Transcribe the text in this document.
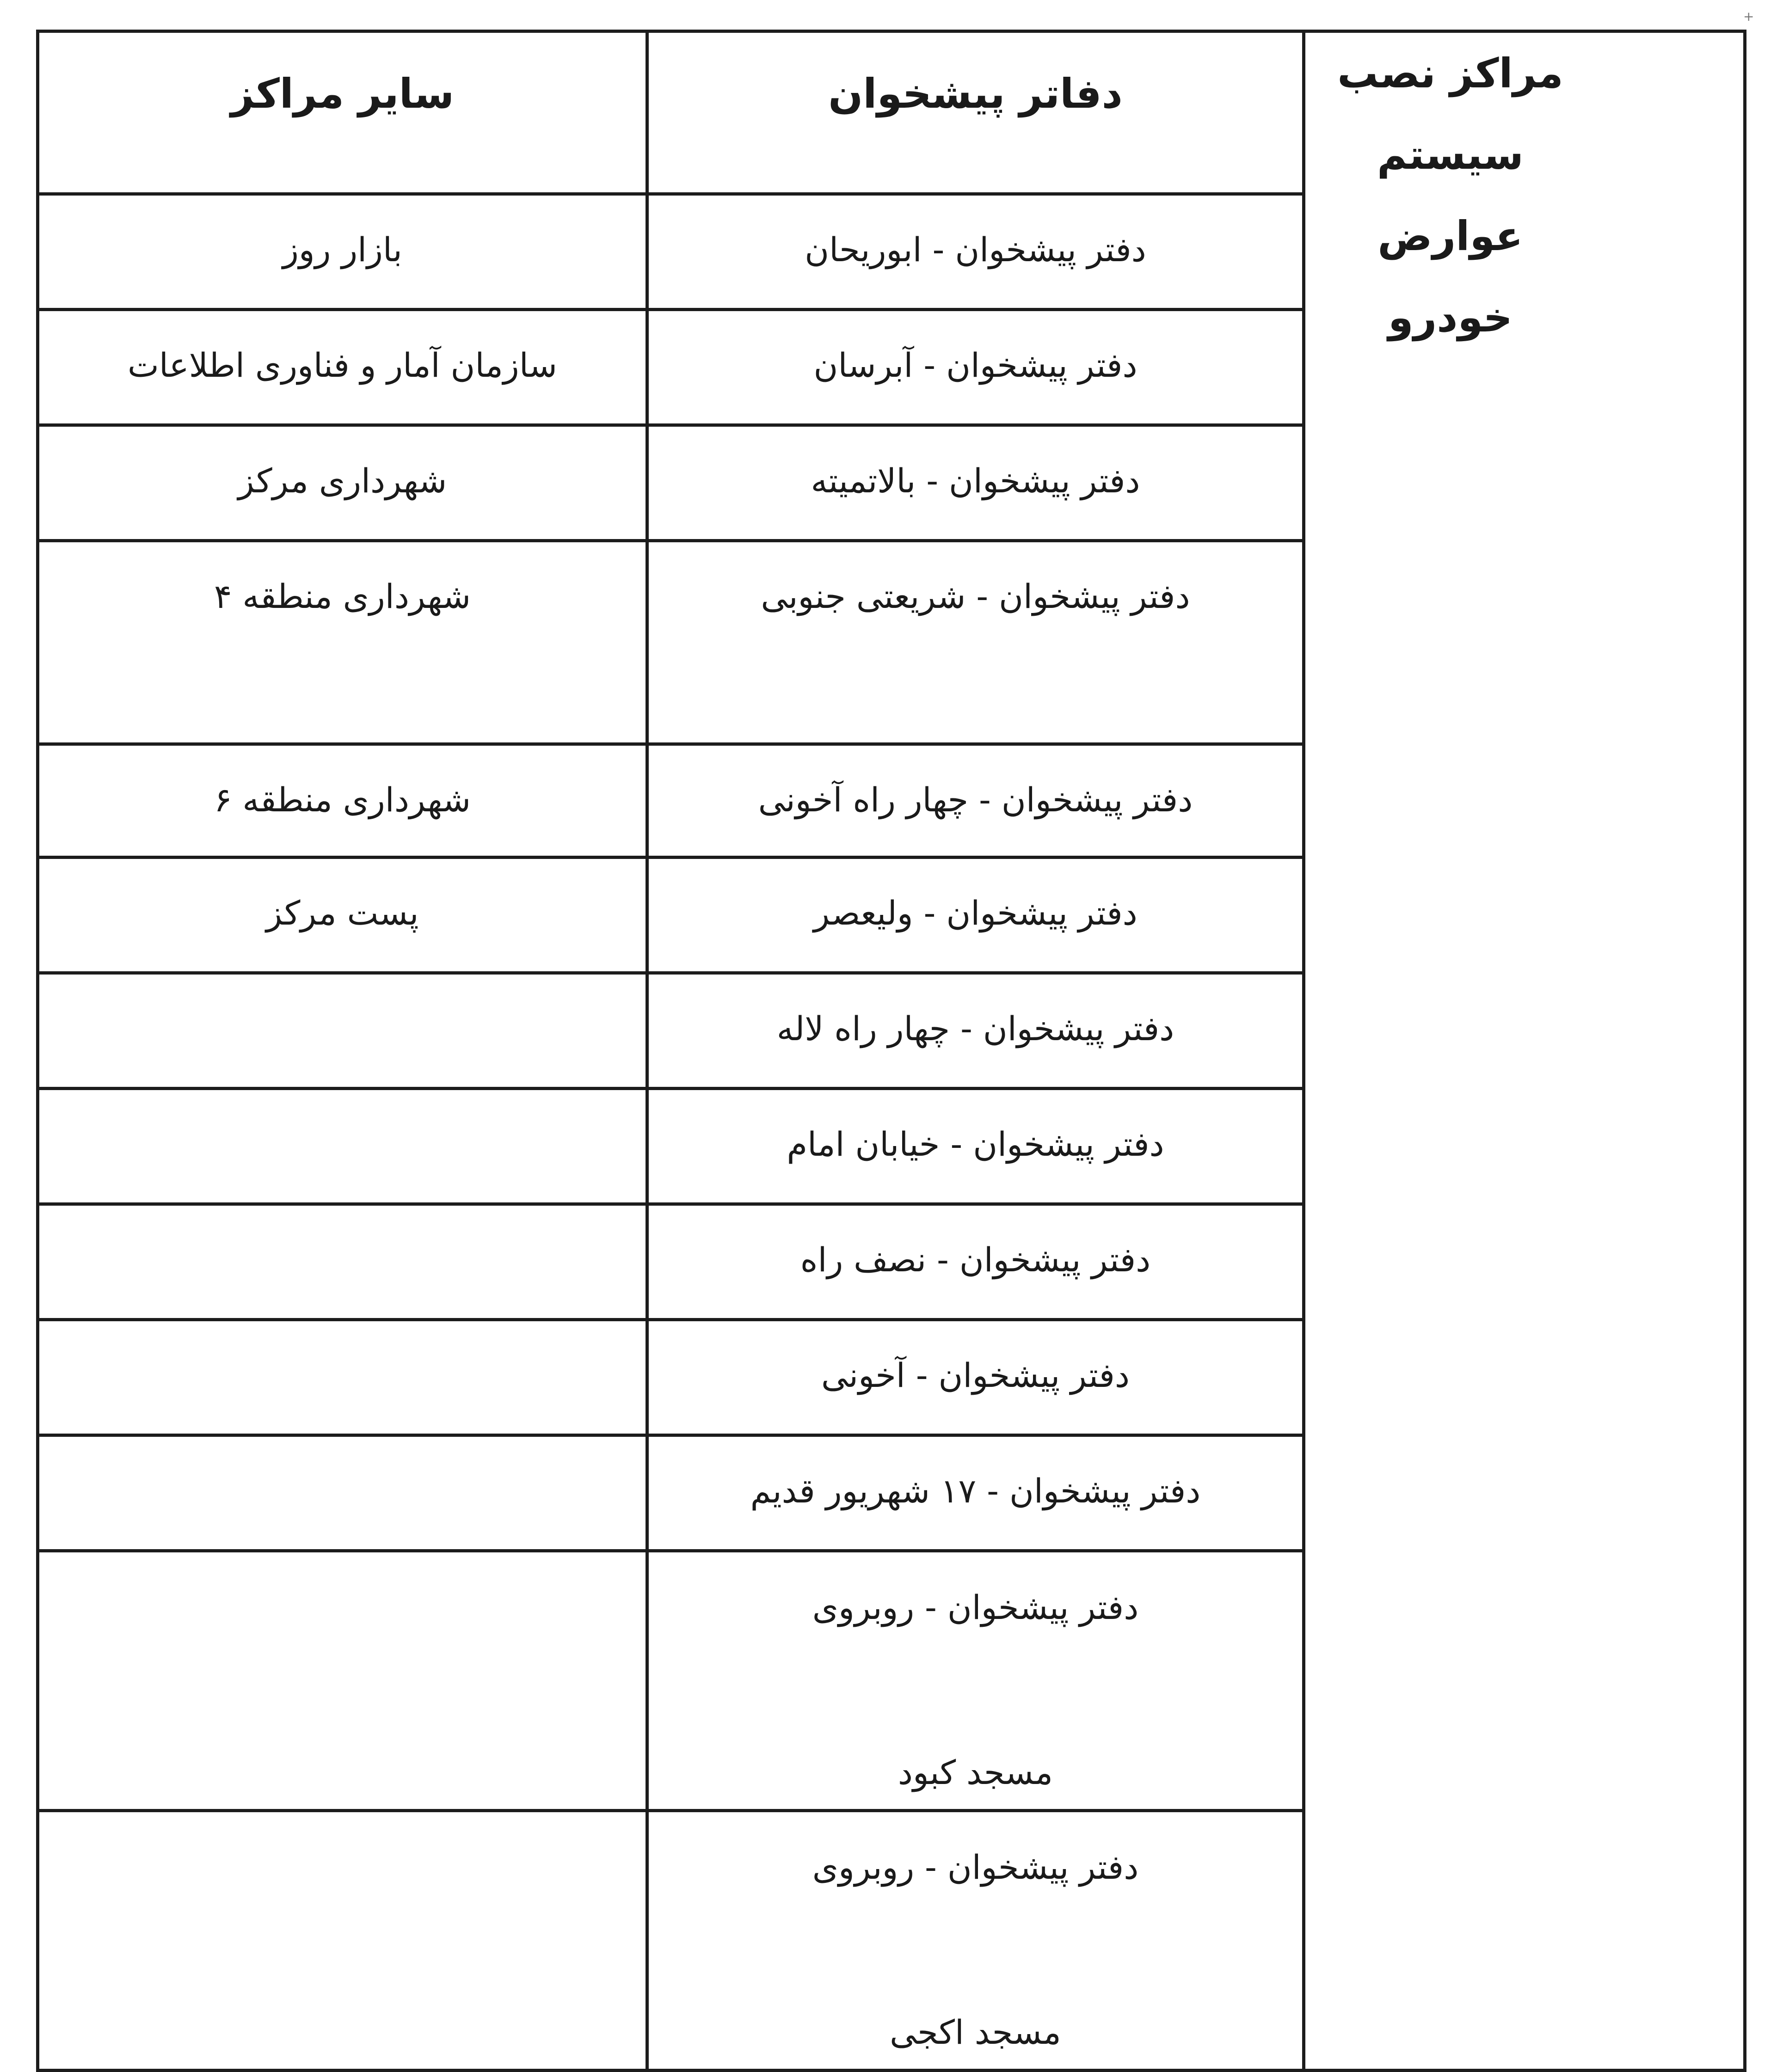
+
سایر مراکز	دفاتر پیشخوان	مراکز نصب
سیستم عوارض
خودرو

بازار روز	دفتر پیشخوان - ابوریحان	

سازمان آمار و فناوری اطلاعات	دفتر پیشخوان - آبرسان	

شهرداری مرکز	دفتر پیشخوان - بالاتمیته	

شهرداری منطقه ۴	دفتر پیشخوان - شریعتی جنوبی	

شهرداری منطقه ۶	دفتر پیشخوان - چهار راه آخونی	

پست مرکز	دفتر پیشخوان - ولیعصر	

	دفتر پیشخوان - چهار راه لاله	

	دفتر پیشخوان - خیابان امام	

	دفتر پیشخوان - نصف راه	

	دفتر پیشخوان - آخونی	

	دفتر پیشخوان - ۱۷ شهریور قدیم	

	دفتر پیشخوان - روبروی

مسجد کبود	

	دفتر پیشخوان - روبروی

مسجد اکجی	
